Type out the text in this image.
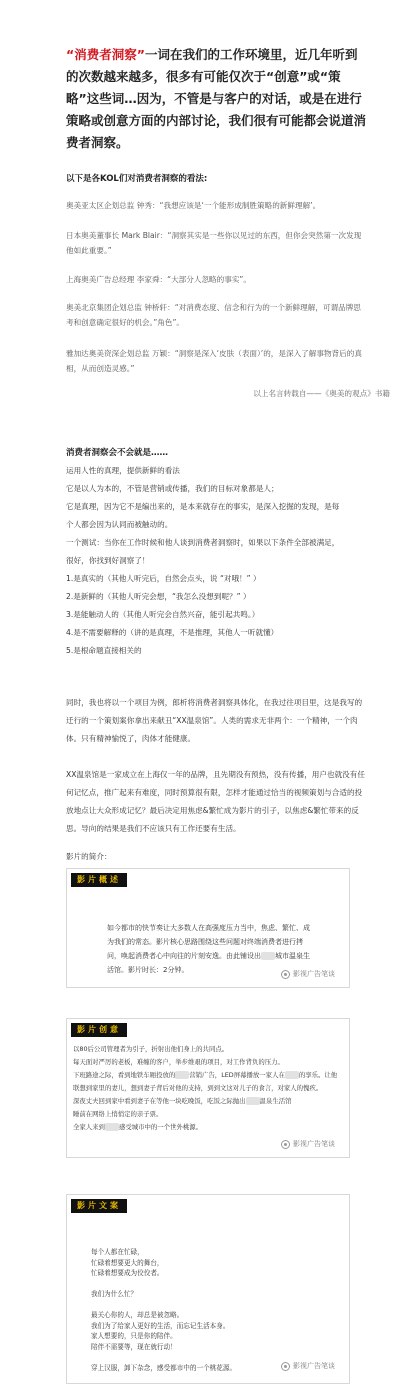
“消费者洞察”一词在我们的工作环境里，近几年听到的次数越来越多，很多有可能仅次于“创意”或“策略”这些词…因为，不管是与客户的对话，或是在进行策略或创意方面的内部讨论，我们很有可能都会说道消费者洞察。
以下是各KOL们对消费者洞察的看法:
奥美亚太区企划总监 钟秀：“我想应该是‘一个能形成制胜策略的新鲜理解’。
日本奥美董事长 Mark Blair：“洞察其实是一些你以见过的东西，但你会突然第一次发现他如此重要。”
上海奥美广告总经理 李家舜：“大部分人忽略的事实”。
奥美北京集团企划总监 钟桥轩：“对消费态度、信念和行为的一个新鲜理解，可谓品牌思考和创意确定很好的机会。”角色”。
雅加达奥美资深企划总监 万颖：“洞察是深入‘皮肤（表面）’的，是深入了解事物背后的真相，从而创造灵感。”
以上名言转载自——《奥美的观点》书籍
消费者洞察会不会就是……
运用人性的真理，提供新鲜的看法
它是以人为本的，不管是营销或传播，我们的目标对象都是人；
它是真理，因为它不是编出来的，是本来就存在的事实，是深入挖掘的发现，是每
个人都会因为认同而被触动的。
一个测试：当你在工作时候和他人谈到消费者洞察时，如果以下条件全部被满足，
很好，你找到好洞察了！
1.是真实的（其他人听完后，自然会点头，说 “对哦！” ）
2.是新鲜的（其他人听完会想，“我怎么没想到呢？” ）
3.是能触动人的（其他人听完会自然兴奋，能引起共鸣。）
4.是不需要解释的（讲的是真理，不是推理，其他人一听就懂）
5.是根命题直接相关的
同时，我也将以一个项目为例，郎析将消费者洞察具体化，在我过往项目里，这是我写的迁行的一个策划案你拿出来献丑“XX温泉馆”。人类的需求无非两个：一个精神，一个肉体。只有精神愉悦了，肉体才能健康。
XX温泉馆是一家成立在上海仅一年的品牌，且先期没有预热，没有传播，用户也就没有任何记忆点，推广起来有难度，同时预算很有限，怎样才能通过恰当的视频策划与合适的投放地点让大众形成记忆？最后决定用焦虑&繁忙成为影片的引子，以焦虑&繁忙带来的反思。导向的结果是我们不应该只有工作还要有生活。
影片的简介：
影片概述
如今都市的快节奏让大多数人在高强度压力当中，焦虑、繁忙、成
为我们的常态。影片核心思路围绕这些问题对终端消费者进行拷
问，唤起消费者心中向往的片刻安逸。由此铺设出 城市温泉生
活馆。影片时长：2分钟。	影视广告笔谈
影片创意
以80后公司管理者为引子，折射出他们身上的共同点。
每天面对严厉的老板，难缠的客户，举步维艰的项目，对工作背负的压力。
下班路途之际，看到地铁车厢投放的 营销广告，LED屏幕播放一家人在 的享乐。让他
联想到家里的妻儿，想到妻子背后对他的支持，到到文这对儿子的食言，对家人的愧疚。
深夜丈夫回到家中看到妻子在等他一块吃晚饭，吃饭之际抛出 温泉生活馆
睡前在网络上悄悄定的亲子票。
全家人来到 感受城市中的一个世外桃源。
影视广告笔谈
影片文案
每个人都在忙碌，
忙碌着想要更大的舞台，
忙碌着想要成为佼佼者。
我们为什么忙？
最关心你的人，却总是被忽略。
我们为了给家人更好的生活，而忘记生活本身。
家人想要的，只是你的陪伴。
陪伴不需要等，现在就行动！
穿上汉服，卸下杂念，感受都市中的一个桃花源。	影视广告笔谈
